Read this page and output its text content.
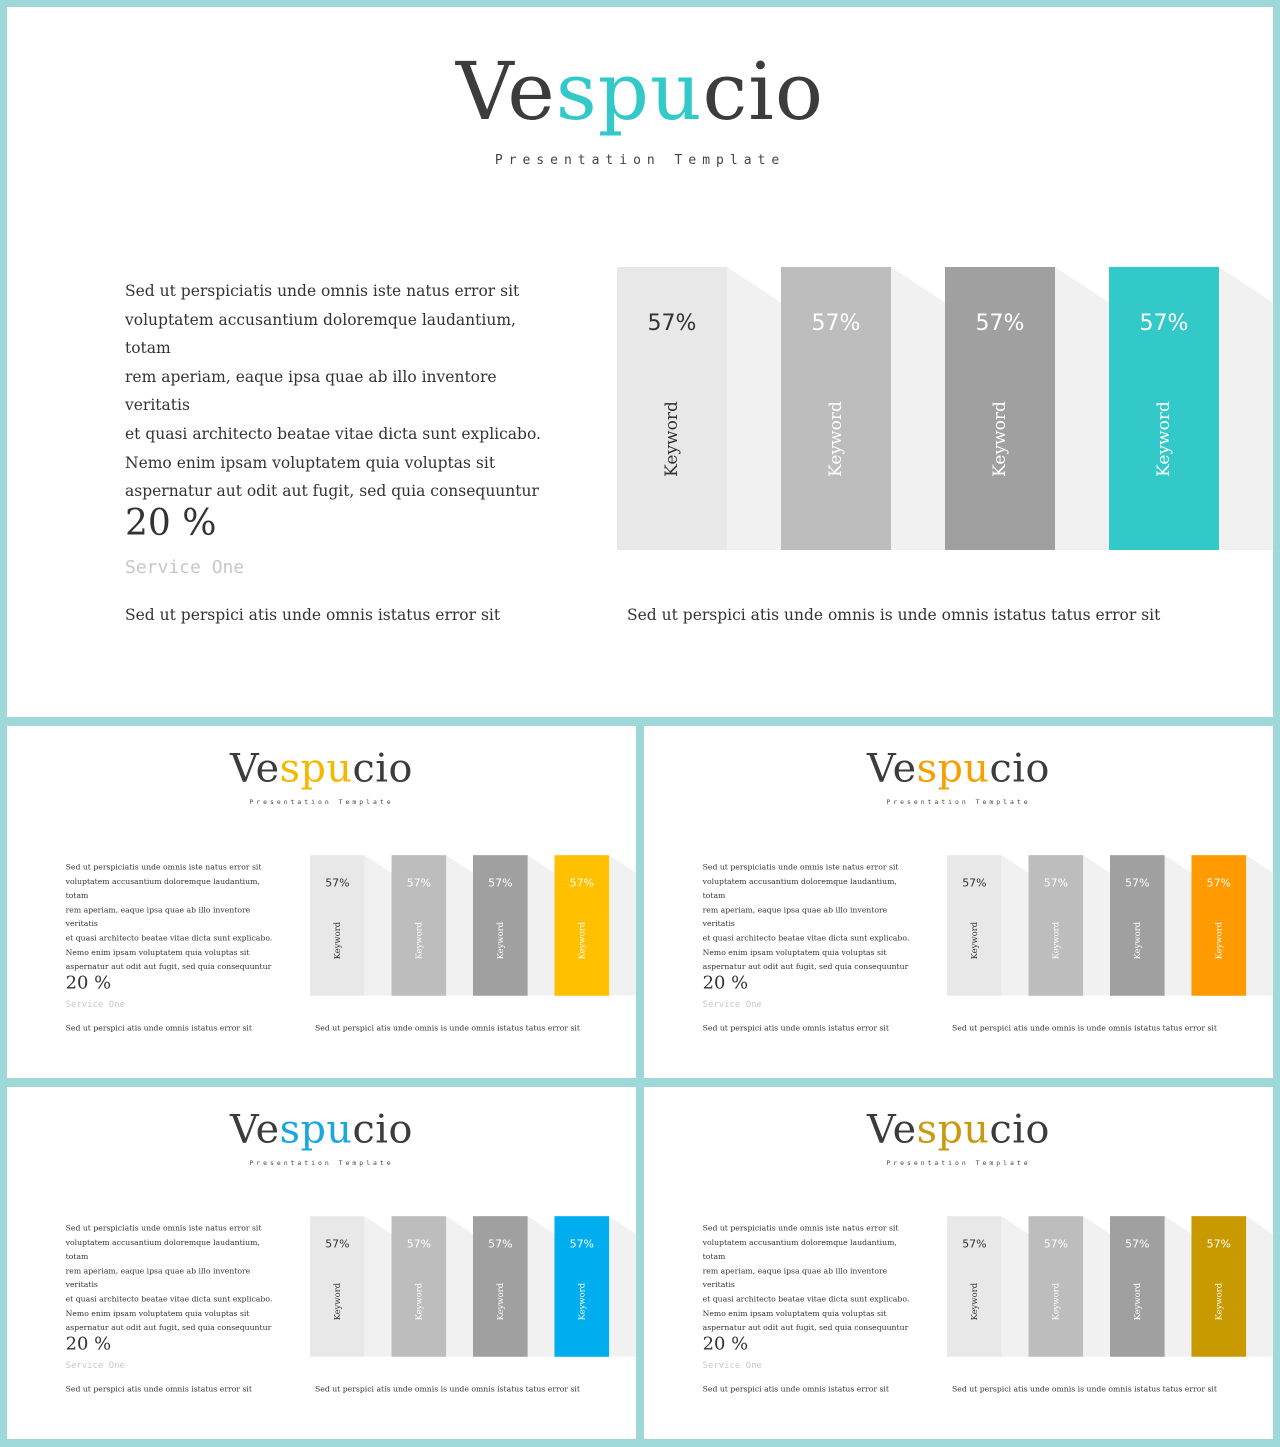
Vespucio
Presentation Template
Sed ut perspiciatis unde omnis iste natus error sit
voluptatem accusantium doloremque laudantium, totam
rem aperiam, eaque ipsa quae ab illo inventore veritatis
et quasi architecto beatae vitae dicta sunt explicabo.
Nemo enim ipsam voluptatem quia voluptas sit
aspernatur aut odit aut fugit, sed quia consequuntur
20 %
Service One
Sed ut perspici atis unde omnis istatus error sit	Sed ut perspici atis unde omnis is unde omnis istatus tatus error sit
57%
Keyword
57%
Keyword
57%
Keyword
57%
Keyword
Vespucio
Presentation Template
Sed ut perspiciatis unde omnis iste natus error sit
voluptatem accusantium doloremque laudantium, totam
rem aperiam, eaque ipsa quae ab illo inventore veritatis
et quasi architecto beatae vitae dicta sunt explicabo.
Nemo enim ipsam voluptatem quia voluptas sit
aspernatur aut odit aut fugit, sed quia consequuntur
20 %
Service One
Sed ut perspici atis unde omnis istatus error sit	Sed ut perspici atis unde omnis is unde omnis istatus tatus error sit
57%
Keyword
57%
Keyword
57%
Keyword
57%
Keyword
Vespucio
Presentation Template
Sed ut perspiciatis unde omnis iste natus error sit
voluptatem accusantium doloremque laudantium, totam
rem aperiam, eaque ipsa quae ab illo inventore veritatis
et quasi architecto beatae vitae dicta sunt explicabo.
Nemo enim ipsam voluptatem quia voluptas sit
aspernatur aut odit aut fugit, sed quia consequuntur
20 %
Service One
Sed ut perspici atis unde omnis istatus error sit	Sed ut perspici atis unde omnis is unde omnis istatus tatus error sit
57%
Keyword
57%
Keyword
57%
Keyword
57%
Keyword
Vespucio
Presentation Template
Sed ut perspiciatis unde omnis iste natus error sit
voluptatem accusantium doloremque laudantium, totam
rem aperiam, eaque ipsa quae ab illo inventore veritatis
et quasi architecto beatae vitae dicta sunt explicabo.
Nemo enim ipsam voluptatem quia voluptas sit
aspernatur aut odit aut fugit, sed quia consequuntur
20 %
Service One
Sed ut perspici atis unde omnis istatus error sit	Sed ut perspici atis unde omnis is unde omnis istatus tatus error sit
57%
Keyword
57%
Keyword
57%
Keyword
57%
Keyword
Vespucio
Presentation Template
Sed ut perspiciatis unde omnis iste natus error sit
voluptatem accusantium doloremque laudantium, totam
rem aperiam, eaque ipsa quae ab illo inventore veritatis
et quasi architecto beatae vitae dicta sunt explicabo.
Nemo enim ipsam voluptatem quia voluptas sit
aspernatur aut odit aut fugit, sed quia consequuntur
20 %
Service One
Sed ut perspici atis unde omnis istatus error sit	Sed ut perspici atis unde omnis is unde omnis istatus tatus error sit
57%
Keyword
57%
Keyword
57%
Keyword
57%
Keyword
